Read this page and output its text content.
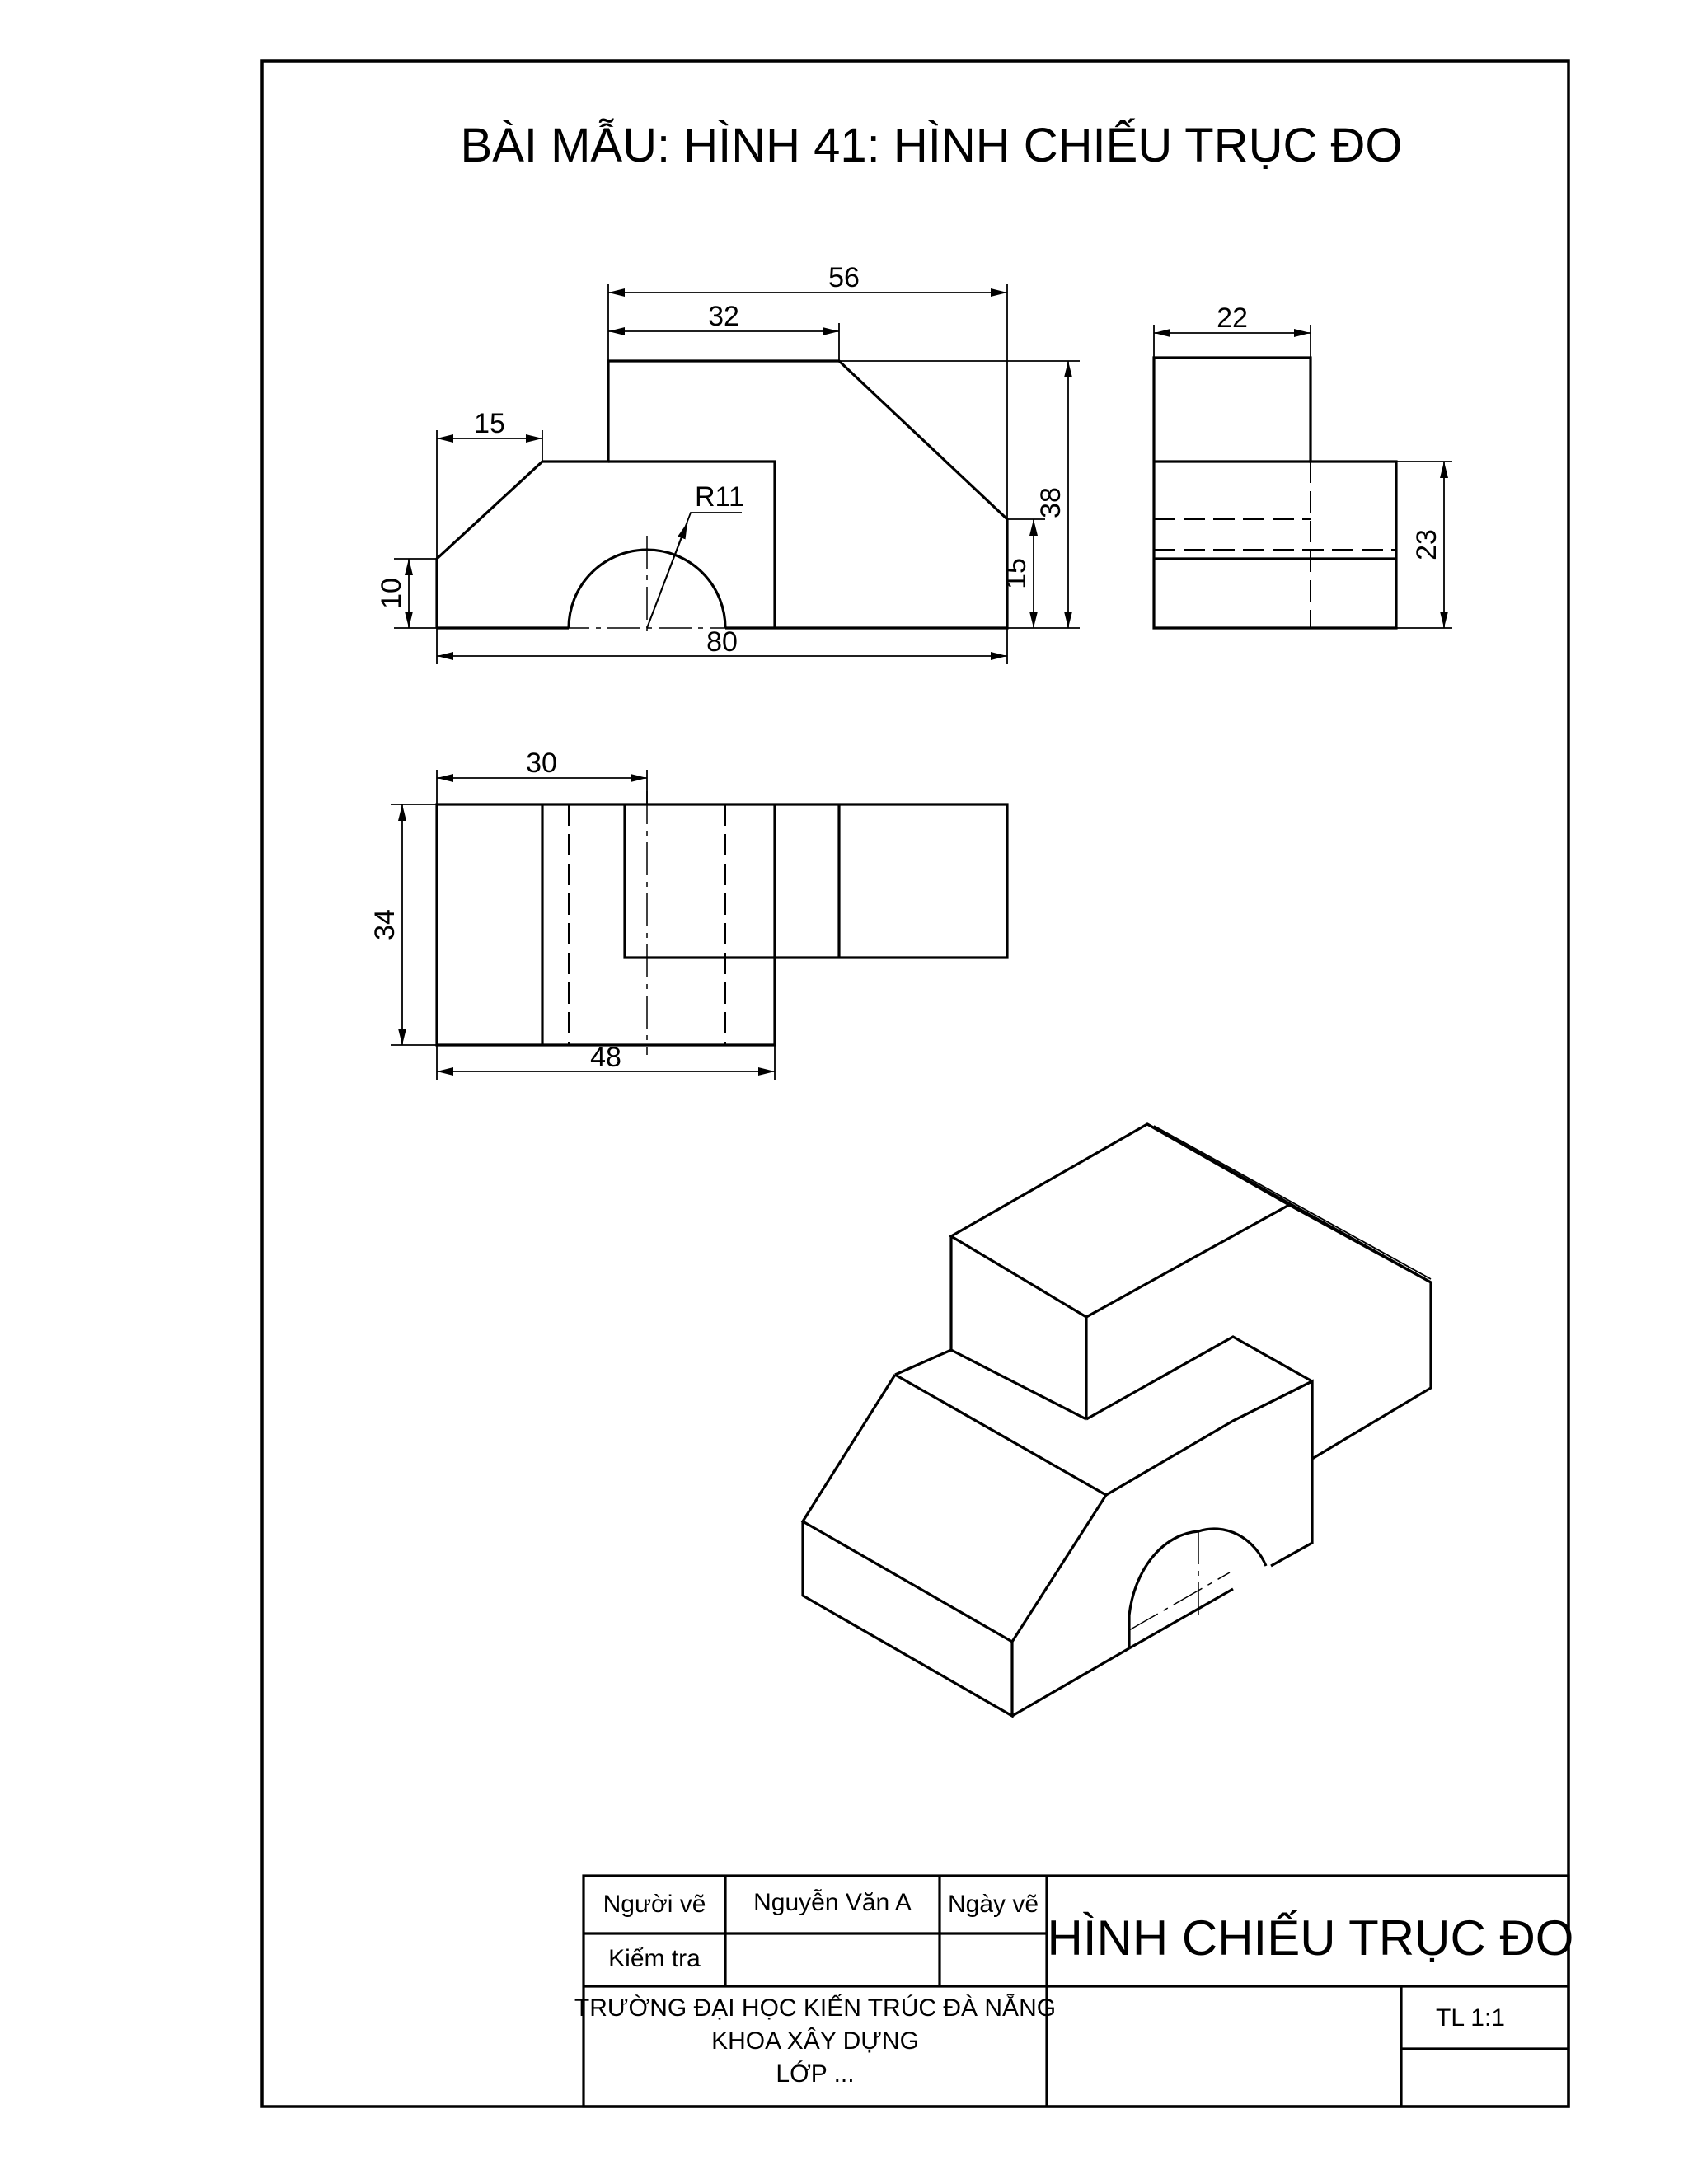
BÀI MẪU: HÌNH 41: HÌNH CHIẾU TRỤC ĐO
R11
56
32
15
10
15
38
80
22
23
30
34
48
Người vẽ Nguyễn Văn A Ngày vẽ
Kiểm tra	HÌNH CHIẾU TRỤC ĐO
TRƯỜNG ĐẠI HỌC KIẾN TRÚC ĐÀ NẴNG
KHOA XÂY DỰNG
LỚP ...
TL 1:1
